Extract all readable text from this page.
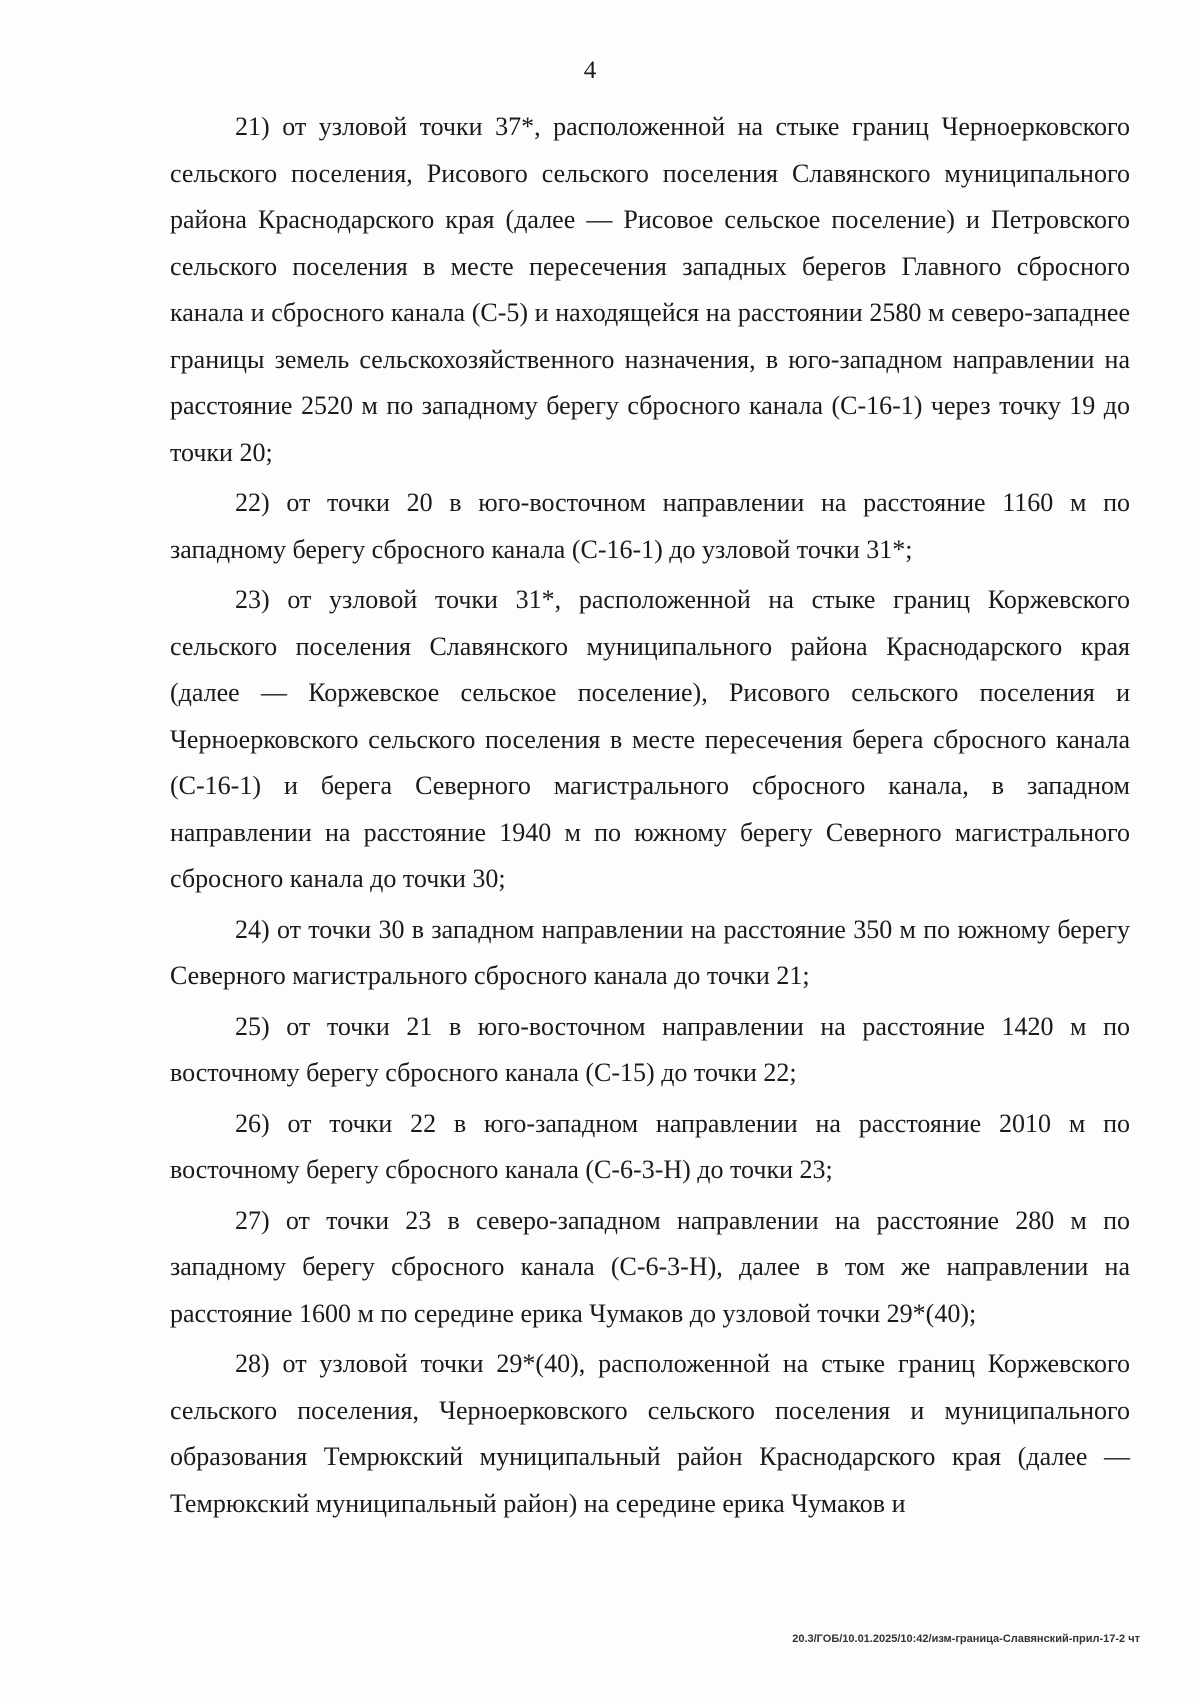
4

21) от узловой точки 37*, расположенной на стыке границ Черноерковского сельского поселения, Рисового сельского поселения Славянского муниципального района Краснодарского края (далее — Рисовое сельское поселение) и Петровского сельского поселения в месте пересечения западных берегов Главного сбросного канала и сбросного канала (С-5) и находящейся на расстоянии 2580 м северо-западнее границы земель сельскохозяйственного назначения, в юго-западном направлении на расстояние 2520 м по западному берегу сбросного канала (С-16-1) через точку 19 до точки 20;

22) от точки 20 в юго-восточном направлении на расстояние 1160 м по западному берегу сбросного канала (С-16-1) до узловой точки 31*;

23) от узловой точки 31*, расположенной на стыке границ Коржевского сельского поселения Славянского муниципального района Краснодарского края (далее — Коржевское сельское поселение), Рисового сельского поселения и Черноерковского сельского поселения в месте пересечения берега сбросного канала (С-16-1) и берега Северного магистрального сбросного канала, в западном направлении на расстояние 1940 м по южному берегу Северного магистрального сбросного канала до точки 30;

24) от точки 30 в западном направлении на расстояние 350 м по южному берегу Северного магистрального сбросного канала до точки 21;

25) от точки 21 в юго-восточном направлении на расстояние 1420 м по восточному берегу сбросного канала (С-15) до точки 22;

26) от точки 22 в юго-западном направлении на расстояние 2010 м по восточному берегу сбросного канала (С-6-3-Н) до точки 23;

27) от точки 23 в северо-западном направлении на расстояние 280 м по западному берегу сбросного канала (С-6-3-Н), далее в том же направлении на расстояние 1600 м по середине ерика Чумаков до узловой точки 29*(40);

28) от узловой точки 29*(40), расположенной на стыке границ Коржевского сельского поселения, Черноерковского сельского поселения и муниципального образования Темрюкский муниципальный район Краснодарского края (далее — Темрюкский муниципальный район) на середине ерика Чумаков и

20.3/ГОБ/10.01.2025/10:42/изм-граница-Славянский-прил-17-2 чт
